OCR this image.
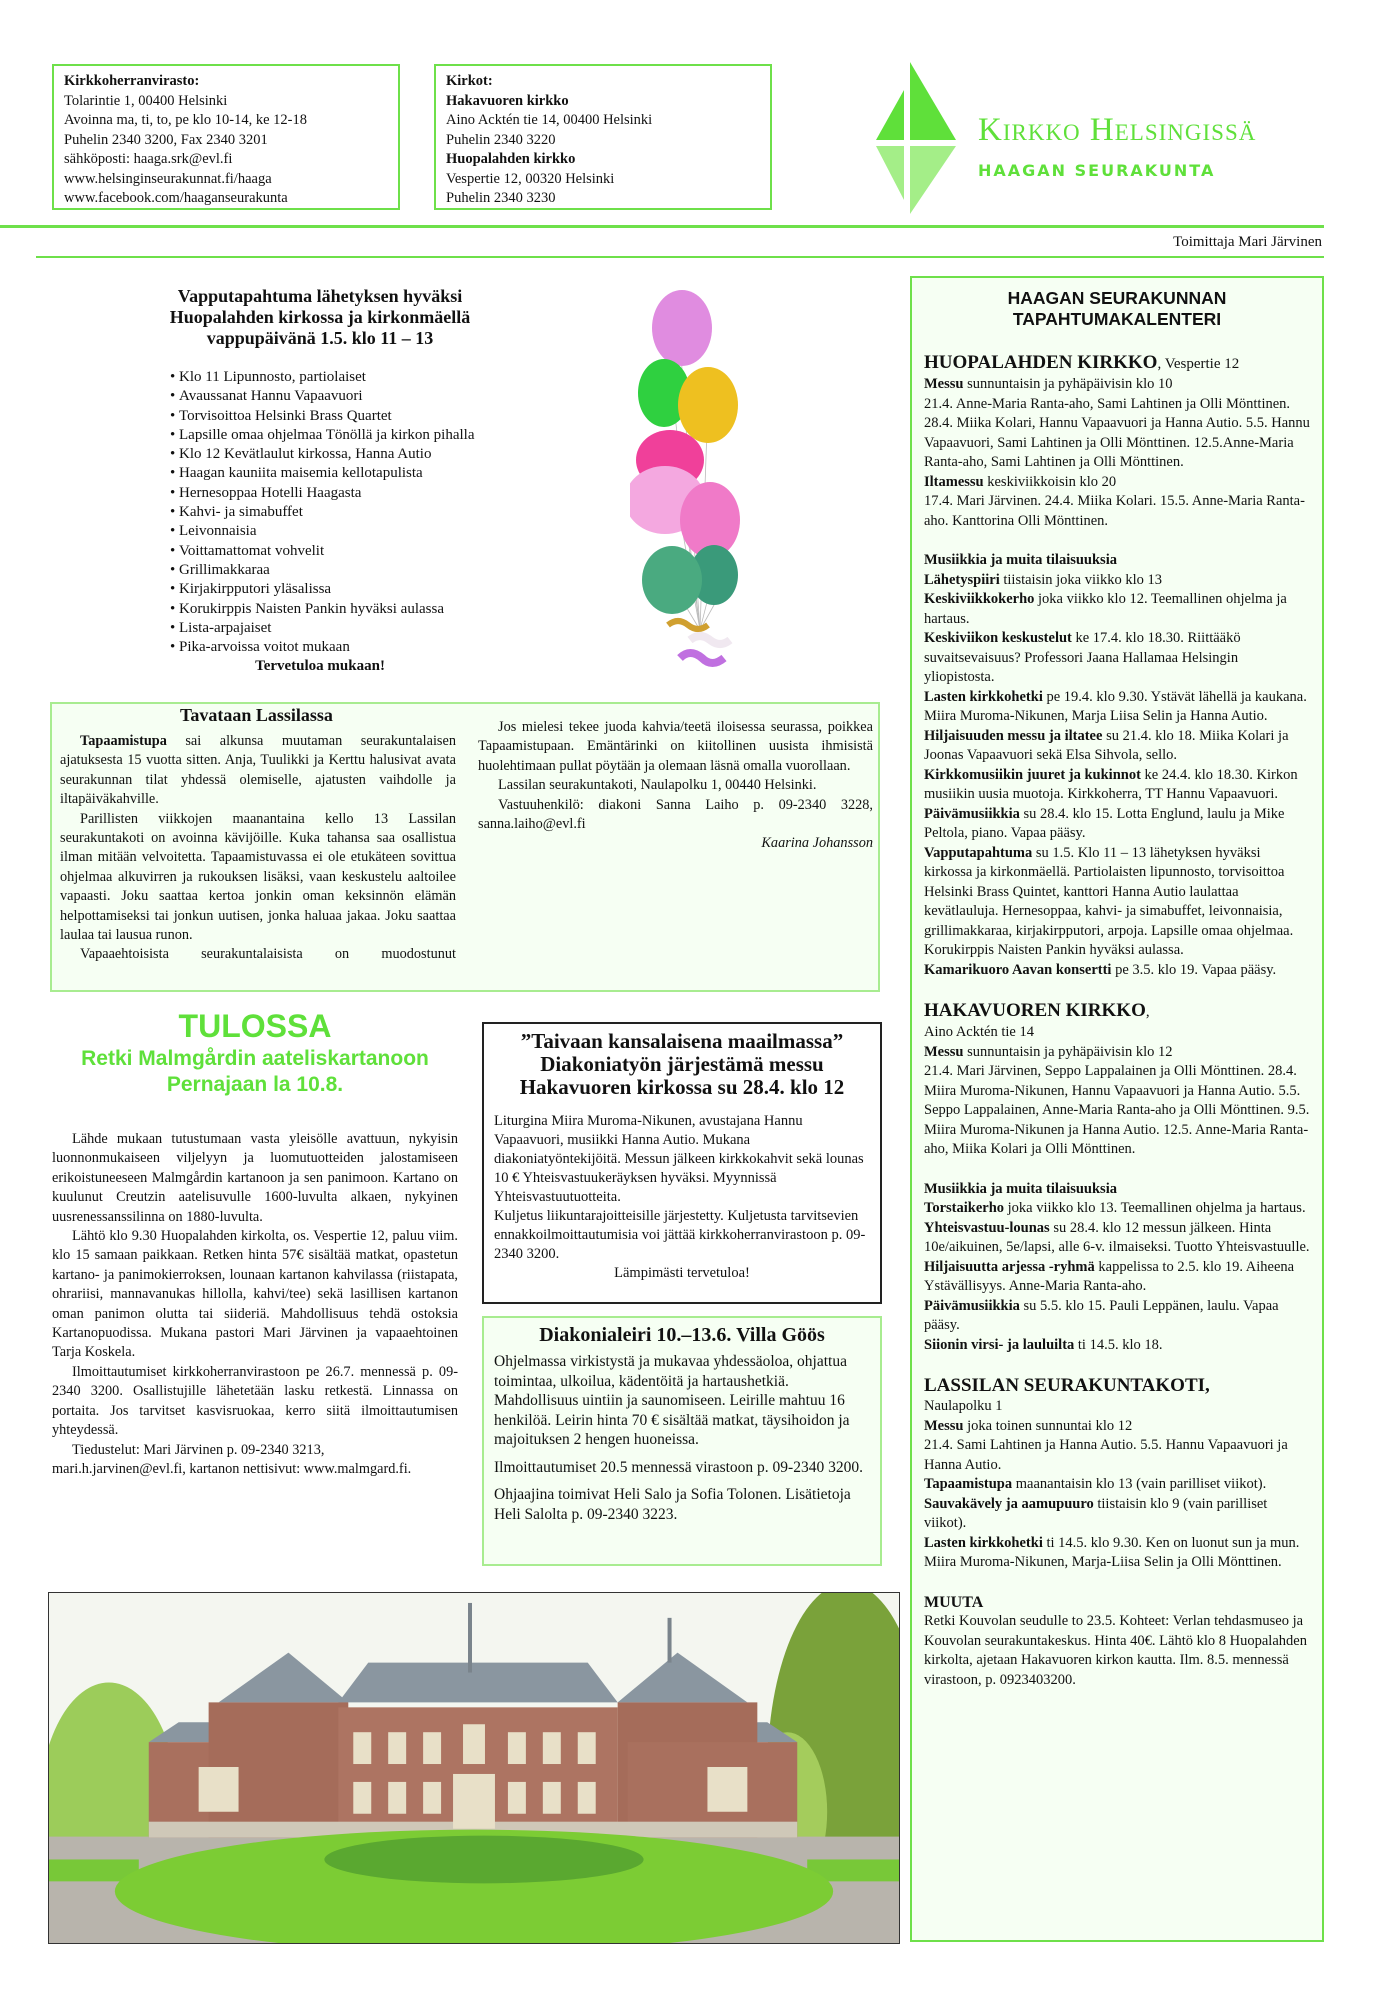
Kirkkoherranvirasto:
Tolarintie 1, 00400 Helsinki
Avoinna ma, ti, to, pe klo 10-14, ke 12-18
Puhelin 2340 3200, Fax 2340 3201
sähköposti: haaga.srk@evl.fi
www.helsinginseurakunnat.fi/haaga
www.facebook.com/haaganseurakunta
Kirkot:
Hakavuoren kirkko
Aino Acktén tie 14, 00400 Helsinki
Puhelin 2340 3220
Huopalahden kirkko
Vespertie 12, 00320 Helsinki
Puhelin 2340 3230
Kirkko Helsingissä
HAAGAN SEURAKUNTA
Toimittaja Mari Järvinen
Vapputapahtuma lähetyksen hyväksi
Huopalahden kirkossa ja kirkonmäellä
vappupäivänä 1.5. klo 11 – 13
• Klo 11 Lipunnosto, partiolaiset
• Avaussanat Hannu Vapaavuori
• Torvisoittoa Helsinki Brass Quartet
• Lapsille omaa ohjelmaa Tönöllä ja kirkon pihalla
• Klo 12 Kevätlaulut kirkossa, Hanna Autio
• Haagan kauniita maisemia kellotapulista
• Hernesoppaa Hotelli Haagasta
• Kahvi- ja simabuffet
• Leivonnaisia
• Voittamattomat vohvelit
• Grillimakkaraa
• Kirjakirpputori yläsalissa
• Korukirppis Naisten Pankin hyväksi aulassa
• Lista-arpajaiset
• Pika-arvoissa voitot mukaan
Tervetuloa mukaan!
Tavataan Lassilassa

Tapaamistupa sai alkunsa muutaman seurakuntalaisen ajatuksesta 15 vuotta sitten. Anja, Tuulikki ja Kerttu halusivat avata seurakunnan tilat yhdessä olemiselle, ajatusten vaihdolle ja iltapäiväkahville.

Parillisten viikkojen maanantaina kello 13 Lassilan seurakuntakoti on avoinna kävijöille. Kuka tahansa saa osallistua ilman mitään velvoitetta. Tapaamistuvassa ei ole etukäteen sovittua ohjelmaa alkuvirren ja rukouksen lisäksi, vaan keskustelu aaltoilee vapaasti. Joku saattaa kertoa jonkin oman keksinnön elämän helpottamiseksi tai jonkun uutisen, jonka haluaa jakaa. Joku saattaa laulaa tai lausua runon.

Vapaaehtoisista seurakuntalaisista on muodostunut

Jos mielesi tekee juoda kahvia/teetä iloisessa seurassa, poikkea Tapaamistupaan. Emäntärinki on kiitollinen uusista ihmisistä huolehtimaan pullat pöytään ja olemaan läsnä omalla vuorollaan.

Lassilan seurakuntakoti, Naulapolku 1, 00440 Helsinki.

Vastuuhenkilö: diakoni Sanna Laiho p. 09-2340 3228, sanna.laiho@evl.fi

Kaarina Johansson
TULOSSA
Retki Malmgårdin aateliskartanoon
Pernajaan la 10.8.

Lähde mukaan tutustumaan vasta yleisölle avattuun, nykyisin luonnonmukaiseen viljelyyn ja luomutuotteiden jalostamiseen erikoistuneeseen Malmgårdin kartanoon ja sen panimoon. Kartano on kuulunut Creutzin aatelisuvulle 1600-luvulta alkaen, nykyinen uusrenessanssilinna on 1880-luvulta.

Lähtö klo 9.30 Huopalahden kirkolta, os. Vespertie 12, paluu viim. klo 15 samaan paikkaan. Retken hinta 57€ sisältää matkat, opastetun kartano- ja panimokierroksen, lounaan kartanon kahvilassa (riistapata, ohrariisi, mannavanukas hillolla, kahvi/tee) sekä lasillisen kartanon oman panimon olutta tai siideriä. Mahdollisuus tehdä ostoksia Kartanopuodissa. Mukana pastori Mari Järvinen ja vapaaehtoinen Tarja Koskela.

Ilmoittautumiset kirkkoherranvirastoon pe 26.7. mennessä p. 09-2340 3200. Osallistujille lähetetään lasku retkestä. Linnassa on portaita. Jos tarvitset kasvisruokaa, kerro siitä ilmoittautumisen yhteydessä.

Tiedustelut: Mari Järvinen p. 09-2340 3213, mari.h.jarvinen@evl.fi, kartanon nettisivut: www.malmgard.fi.

”Taivaan kansalaisena maailmassa”
Diakoniatyön järjestämä messu
Hakavuoren kirkossa su 28.4. klo 12
Liturgina Miira Muroma-Nikunen, avustajana Hannu Vapaavuori, musiikki Hanna Autio. Mukana diakoniatyöntekijöitä. Messun jälkeen kirkkokahvit sekä lounas 10 € Yhteisvastuukeräyksen hyväksi. Myynnissä Yhteisvastuutuotteita.
Kuljetus liikuntarajoitteisille järjestetty. Kuljetusta tarvitsevien ennakkoilmoittautumisia voi jättää kirkkoherranvirastoon p. 09-2340 3200.
Lämpimästi tervetuloa!
Diakonialeiri 10.–13.6. Villa Göös

Ohjelmassa virkistystä ja mukavaa yhdessäoloa, ohjattua toimintaa, ulkoilua, kädentöitä ja hartaushetkiä. Mahdollisuus uintiin ja saunomiseen. Leirille mahtuu 16 henkilöä. Leirin hinta 70 € sisältää matkat, täysihoidon ja majoituksen 2 hengen huoneissa.

Ilmoittautumiset 20.5 mennessä virastoon p. 09-2340 3200.

Ohjaajina toimivat Heli Salo ja Sofia Tolonen. Lisätietoja Heli Salolta p. 09-2340 3223.

HAAGAN SEURAKUNNAN
TAPAHTUMAKALENTERI
HUOPALAHDEN KIRKKO, Vespertie 12
Messu sunnuntaisin ja pyhäpäivisin klo 10
21.4. Anne-Maria Ranta-aho, Sami Lahtinen ja Olli Mönttinen. 28.4. Miika Kolari, Hannu Vapaavuori ja Hanna Autio. 5.5. Hannu Vapaavuori, Sami Lahtinen ja Olli Mönttinen. 12.5.Anne-Maria Ranta-aho, Sami Lahtinen ja Olli Mönttinen.
Iltamessu keskiviikkoisin klo 20
17.4. Mari Järvinen. 24.4. Miika Kolari. 15.5. Anne-Maria Ranta-aho. Kanttorina Olli Mönttinen.
Musiikkia ja muita tilaisuuksia
Lähetyspiiri tiistaisin joka viikko klo 13
Keskiviikkokerho joka viikko klo 12. Teemallinen ohjelma ja hartaus.
Keskiviikon keskustelut ke 17.4. klo 18.30. Riittääkö suvaitsevaisuus? Professori Jaana Hallamaa Helsingin yliopistosta.
Lasten kirkkohetki pe 19.4. klo 9.30. Ystävät lähellä ja kaukana. Miira Muroma-Nikunen, Marja Liisa Selin ja Hanna Autio.
Hiljaisuuden messu ja iltatee su 21.4. klo 18. Miika Kolari ja Joonas Vapaavuori sekä Elsa Sihvola, sello.
Kirkkomusiikin juuret ja kukinnot ke 24.4. klo 18.30. Kirkon musiikin uusia muotoja. Kirkkoherra, TT Hannu Vapaavuori.
Päivämusiikkia su 28.4. klo 15. Lotta Englund, laulu ja Mike Peltola, piano. Vapaa pääsy.
Vapputapahtuma su 1.5. Klo 11 – 13 lähetyksen hyväksi kirkossa ja kirkonmäellä. Partiolaisten lipunnosto, torvisoittoa Helsinki Brass Quintet, kanttori Hanna Autio laulattaa kevätlauluja. Hernesoppaa, kahvi- ja simabuffet, leivonnaisia, grillimakkaraa, kirjakirpputori, arpoja. Lapsille omaa ohjelmaa. Korukirppis Naisten Pankin hyväksi aulassa.
Kamarikuoro Aavan konsertti pe 3.5. klo 19. Vapaa pääsy.
HAKAVUOREN KIRKKO,
Aino Acktén tie 14
Messu sunnuntaisin ja pyhäpäivisin klo 12
21.4. Mari Järvinen, Seppo Lappalainen ja Olli Mönttinen. 28.4. Miira Muroma-Nikunen, Hannu Vapaavuori ja Hanna Autio. 5.5. Seppo Lappalainen, Anne-Maria Ranta-aho ja Olli Mönttinen. 9.5. Miira Muroma-Nikunen ja Hanna Autio. 12.5. Anne-Maria Ranta-aho, Miika Kolari ja Olli Mönttinen.
Musiikkia ja muita tilaisuuksia
Torstaikerho joka viikko klo 13. Teemallinen ohjelma ja hartaus.
Yhteisvastuu-lounas su 28.4. klo 12 messun jälkeen. Hinta 10e/aikuinen, 5e/lapsi, alle 6-v. ilmaiseksi. Tuotto Yhteisvastuulle.
Hiljaisuutta arjessa -ryhmä kappelissa to 2.5. klo 19. Aiheena Ystävällisyys. Anne-Maria Ranta-aho.
Päivämusiikkia su 5.5. klo 15. Pauli Leppänen, laulu. Vapaa pääsy.
Siionin virsi- ja lauluilta ti 14.5. klo 18.
LASSILAN SEURAKUNTAKOTI,
Naulapolku 1
Messu joka toinen sunnuntai klo 12
21.4. Sami Lahtinen ja Hanna Autio. 5.5. Hannu Vapaavuori ja Hanna Autio.
Tapaamistupa maanantaisin klo 13 (vain parilliset viikot).
Sauvakävely ja aamupuuro tiistaisin klo 9 (vain parilliset viikot).
Lasten kirkkohetki ti 14.5. klo 9.30. Ken on luonut sun ja mun. Miira Muroma-Nikunen, Marja-Liisa Selin ja Olli Mönttinen.
MUUTA
Retki Kouvolan seudulle to 23.5. Kohteet: Verlan tehdasmuseo ja Kouvolan seurakuntakeskus. Hinta 40€. Lähtö klo 8 Huopalahden kirkolta, ajetaan Hakavuoren kirkon kautta. Ilm. 8.5. mennessä virastoon, p. 0923403200.
